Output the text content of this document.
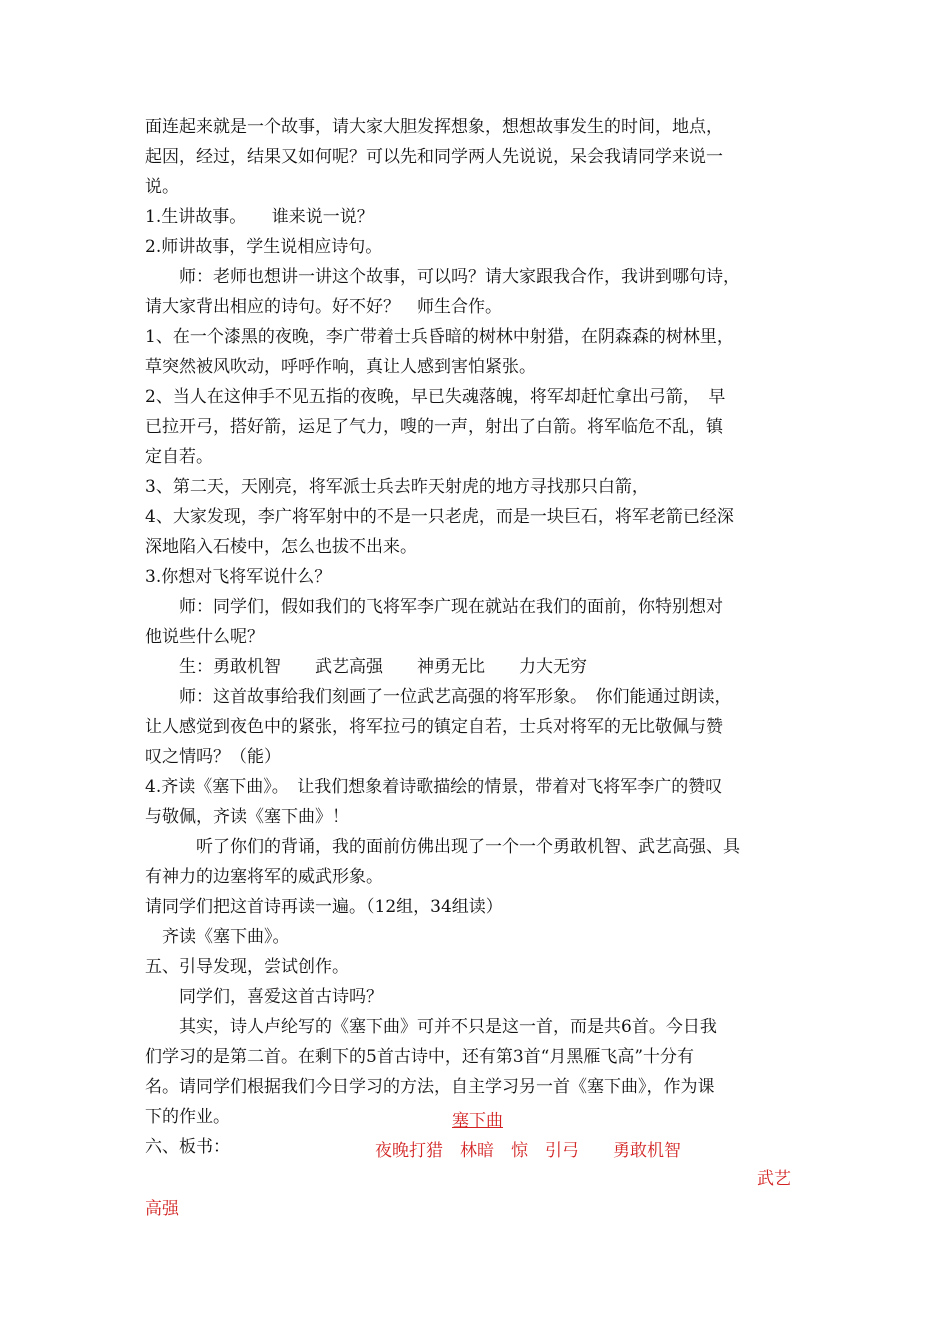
面连起来就是一个故事，请大家大胆发挥想象，想想故事发生的时间，地点，
起因，经过，结果又如何呢？可以先和同学两人先说说，呆会我请同学来说一
说。
1.生讲故事。　　谁来说一说？
2.师讲故事，学生说相应诗句。
　　师：老师也想讲一讲这个故事，可以吗？请大家跟我合作，我讲到哪句诗，
请大家背出相应的诗句。好不好？　师生合作。
1、在一个漆黑的夜晚，李广带着士兵昏暗的树林中射猎，在阴森森的树林里，
草突然被风吹动，呼呼作响，真让人感到害怕紧张。
2、当人在这伸手不见五指的夜晚，早已失魂落魄，将军却赶忙拿出弓箭，　早
已拉开弓，搭好箭，运足了气力，嗖的一声，射出了白箭。将军临危不乱，镇
定自若。
3、第二天，天刚亮，将军派士兵去昨天射虎的地方寻找那只白箭，
4、大家发现，李广将军射中的不是一只老虎，而是一块巨石，将军老箭已经深
深地陷入石棱中，怎么也拔不出来。
3.你想对飞将军说什么？
　　师：同学们，假如我们的飞将军李广现在就站在我们的面前，你特别想对
他说些什么呢？
　　生：勇敢机智　　武艺高强　　神勇无比　　力大无穷
　　师：这首故事给我们刻画了一位武艺高强的将军形象。　你们能通过朗读，
让人感觉到夜色中的紧张，将军拉弓的镇定自若，士兵对将军的无比敬佩与赞
叹之情吗？（能）
4.齐读《塞下曲》。　让我们想象着诗歌描绘的情景，带着对飞将军李广的赞叹
与敬佩，齐读《塞下曲》！
　　　听了你们的背诵，我的面前仿佛出现了一个一个勇敢机智、武艺高强、具
有神力的边塞将军的威武形象。
请同学们把这首诗再读一遍。（12组，34组读）
　齐读《塞下曲》。
五、引导发现，尝试创作。
　　同学们，喜爱这首古诗吗？
　　其实，诗人卢纶写的《塞下曲》可并不只是这一首，而是共6首。今日我
们学习的是第二首。在剩下的5首古诗中，还有第3首“月黑雁飞高”十分有
名。请同学们根据我们今日学习的方法，自主学习另一首《塞下曲》，作为课
下的作业。
六、板书：
塞下曲
夜晚打猎　林暗　惊　引弓　　勇敢机智
武艺
高强
